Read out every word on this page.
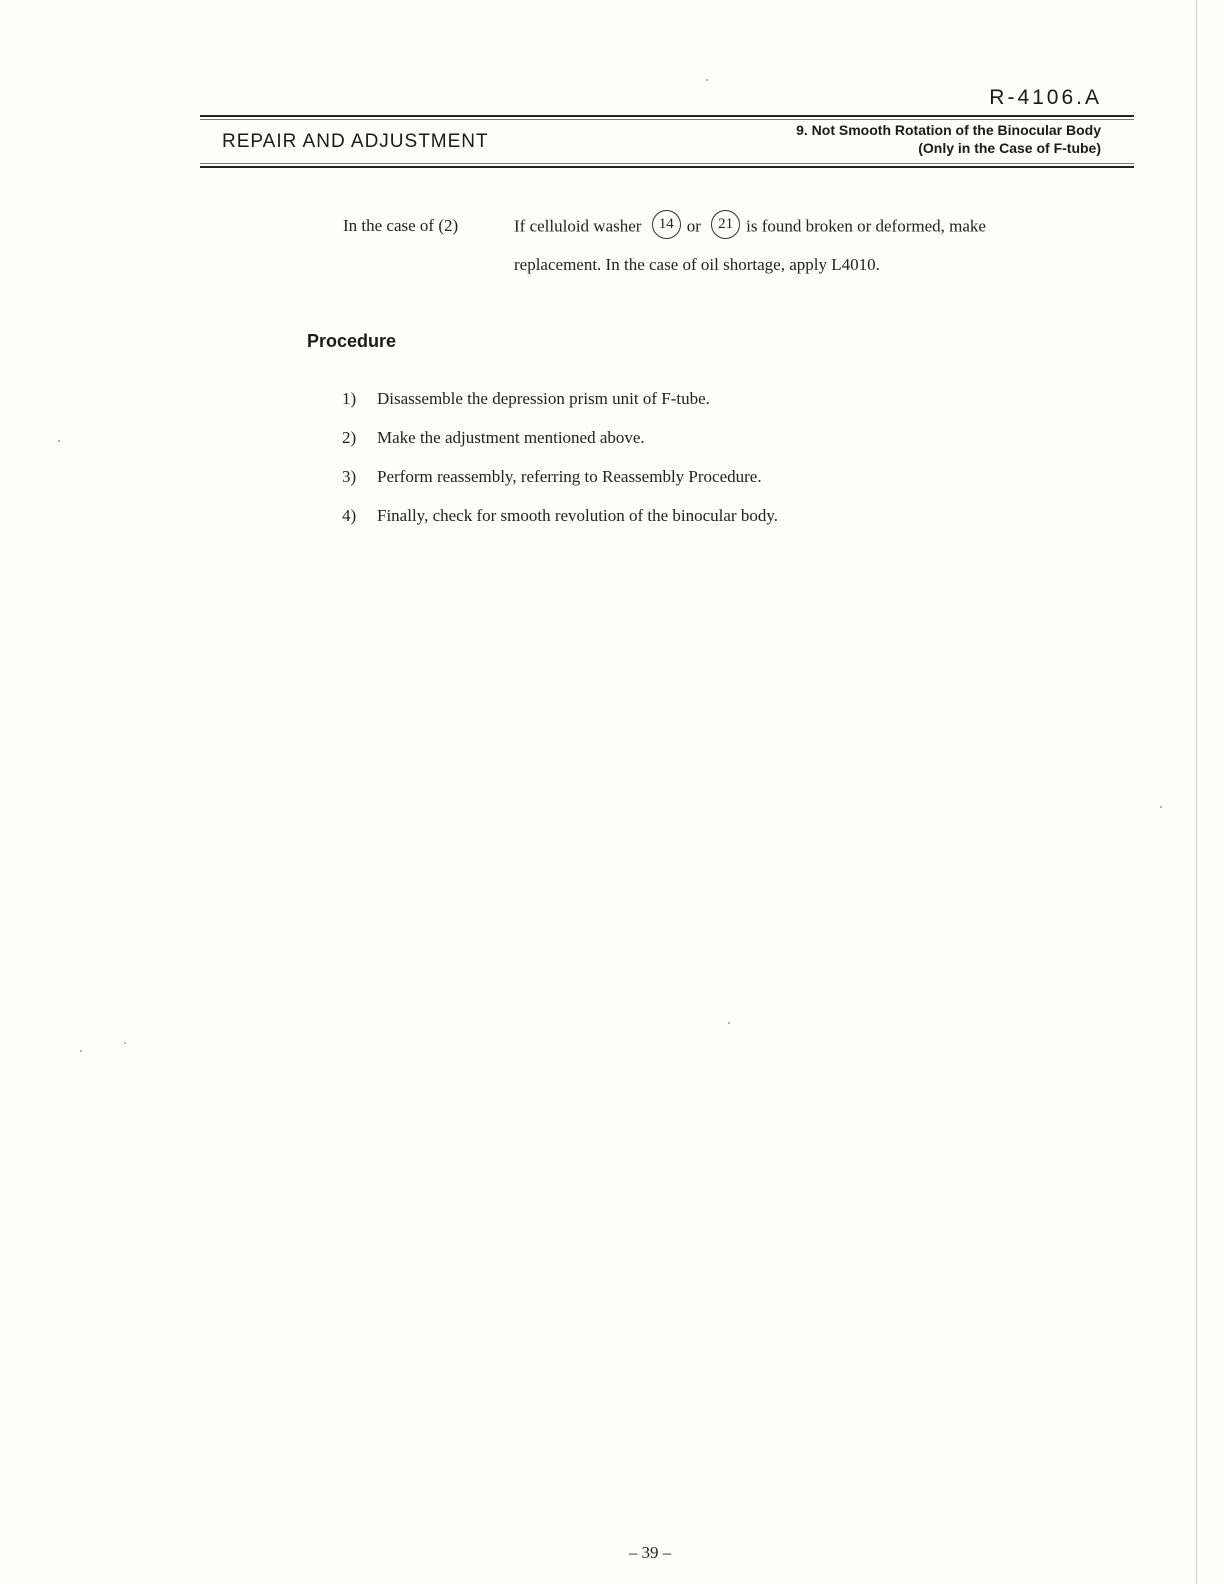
R-4106.A
REPAIR AND ADJUSTMENT
9. Not Smooth Rotation of the Binocular Body
(Only in the Case of F-tube)
In the case of (2)	If celluloid washer 14 or 21 is found broken or deformed, make
replacement. In the case of oil shortage, apply L4010.
Procedure
1) Disassemble the depression prism unit of F-tube.
2) Make the adjustment mentioned above.
3) Perform reassembly, referring to Reassembly Procedure.
4) Finally, check for smooth revolution of the binocular body.
– 39 –
